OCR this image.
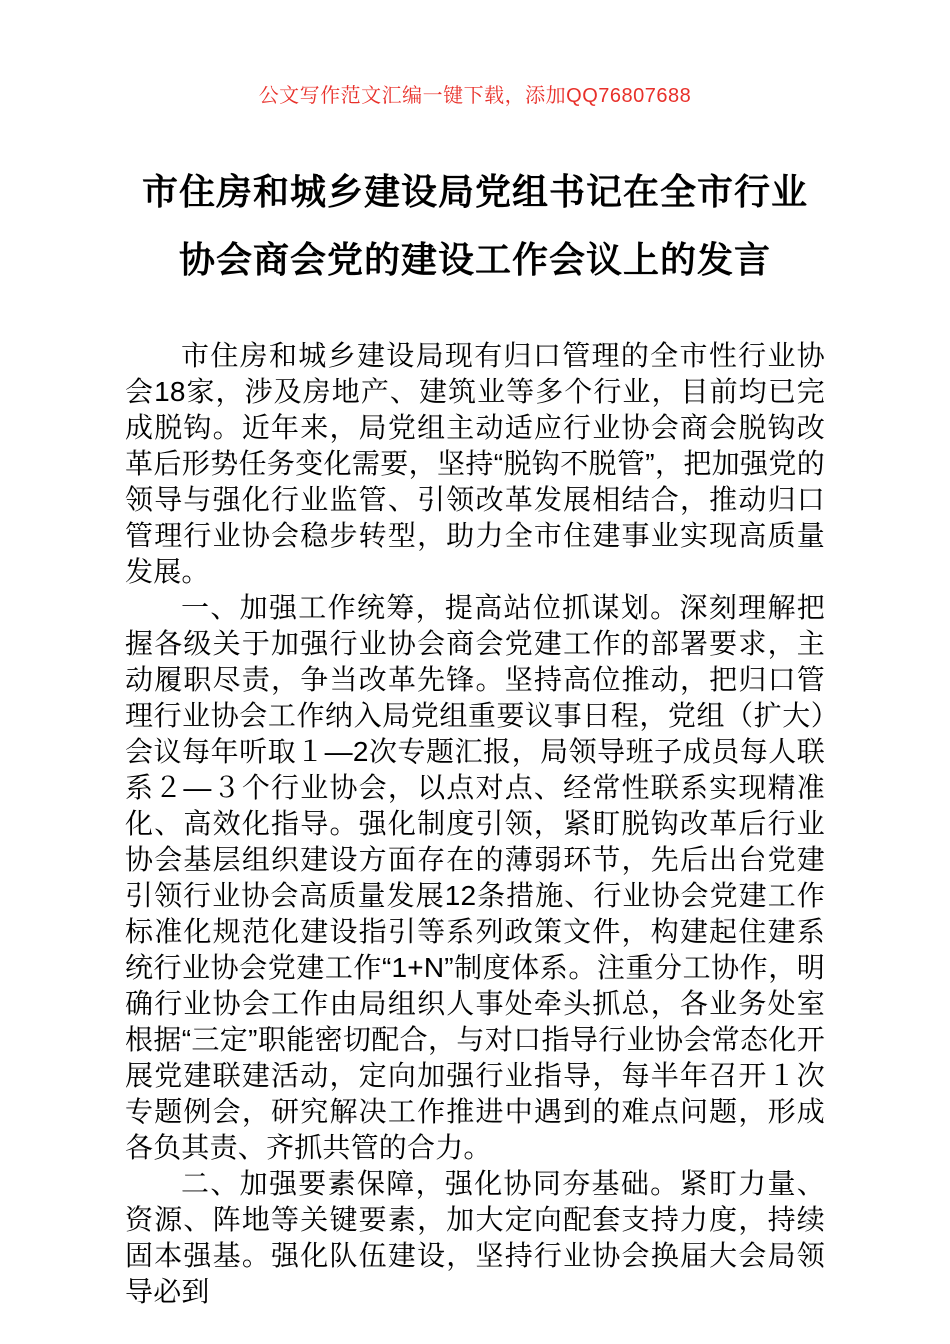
公文写作范文汇编一键下载，添加QQ76807688
市住房和城乡建设局党组书记在全市行业
协会商会党的建设工作会议上的发言

市住房和城乡建设局现有归口管理的全市性行业协会18家，涉及房地产、建筑业等多个行业，目前均已完成脱钩。近年来，局党组主动适应行业协会商会脱钩改革后形势任务变化需要，坚持“脱钩不脱管”，把加强党的领导与强化行业监管、引领改革发展相结合，推动归口管理行业协会稳步转型，助力全市住建事业实现高质量发展。

一、加强工作统筹，提高站位抓谋划。深刻理解把握各级关于加强行业协会商会党建工作的部署要求，主动履职尽责，争当改革先锋。坚持高位推动，把归口管理行业协会工作纳入局党组重要议事日程，党组（扩大）会议每年听取１—2次专题汇报，局领导班子成员每人联系２—３个行业协会，以点对点、经常性联系实现精准化、高效化指导。强化制度引领，紧盯脱钩改革后行业协会基层组织建设方面存在的薄弱环节，先后出台党建引领行业协会高质量发展12条措施、行业协会党建工作标准化规范化建设指引等系列政策文件，构建起住建系统行业协会党建工作“1+N”制度体系。注重分工协作，明确行业协会工作由局组织人事处牵头抓总，各业务处室根据“三定”职能密切配合，与对口指导行业协会常态化开展党建联建活动，定向加强行业指导，每半年召开１次专题例会，研究解决工作推进中遇到的难点问题，形成各负其责、齐抓共管的合力。

二、加强要素保障，强化协同夯基础。紧盯力量、资源、阵地等关键要素，加大定向配套支持力度，持续固本强基。强化队伍建设，坚持行业协会换届大会局领导必到
